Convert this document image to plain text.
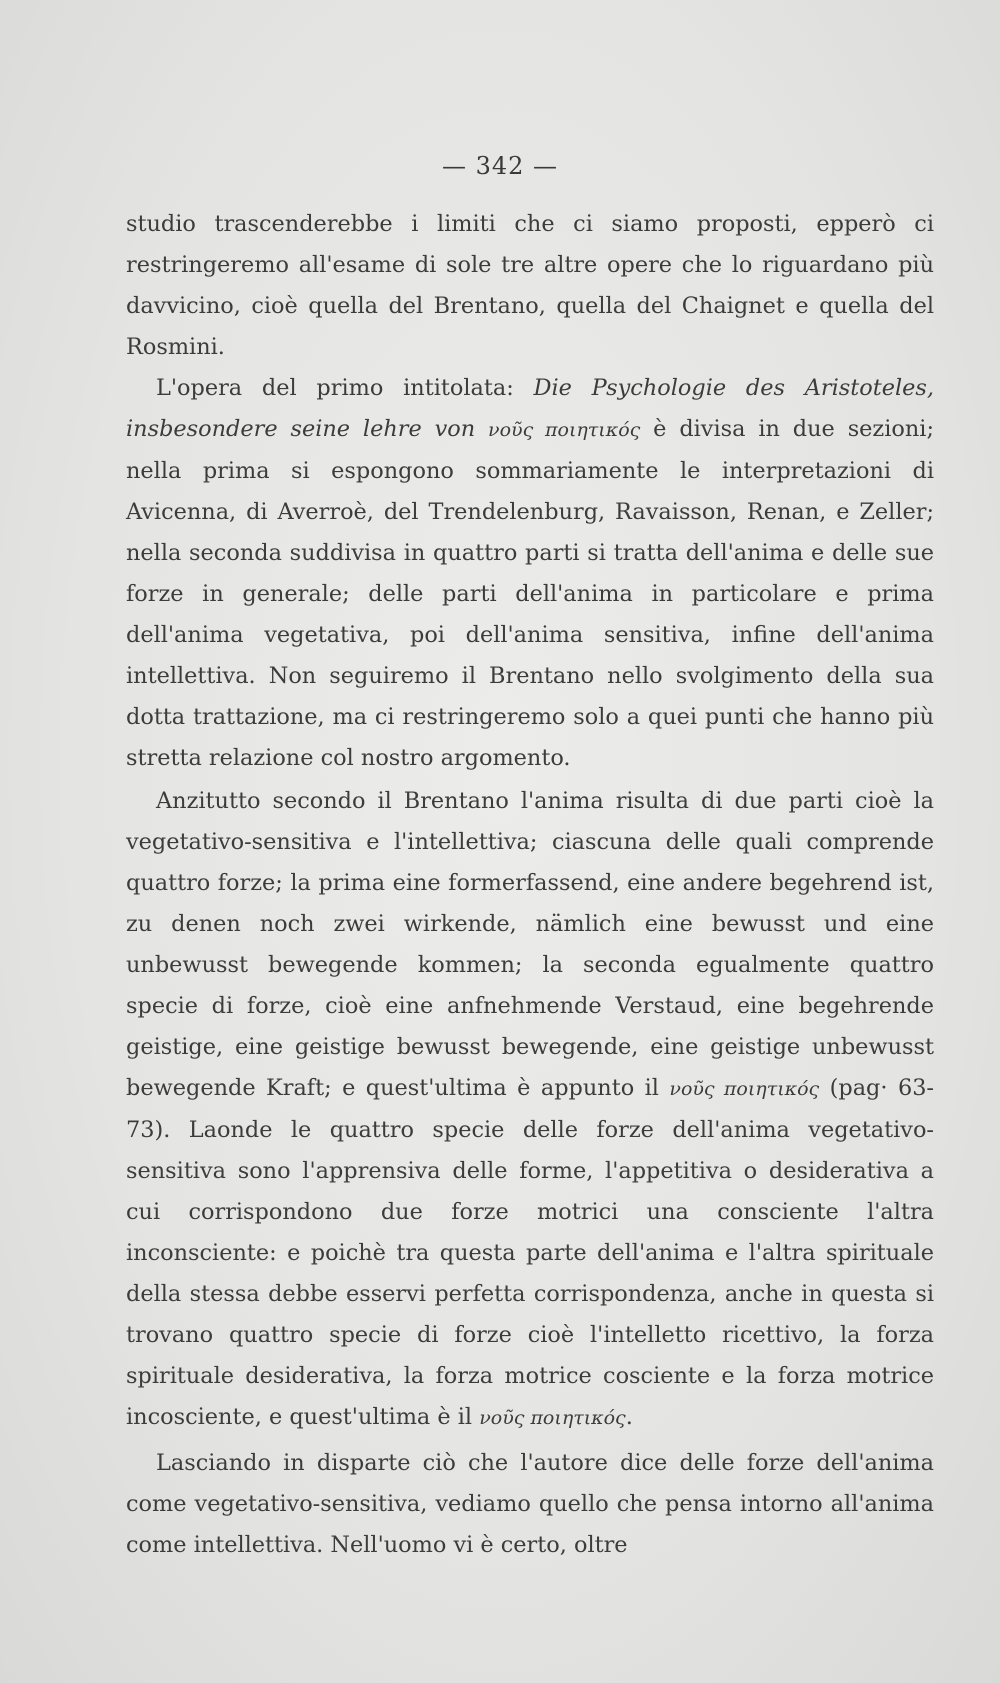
— 342 —

studio trascenderebbe i limiti che ci siamo proposti, epperò ci restringeremo all'esame di sole tre altre opere che lo riguardano più davvicino, cioè quella del Brentano, quella del Chaignet e quella del Rosmini.

L'opera del primo intitolata: Die Psychologie des Aristoteles, insbesondere seine lehre von νοῦς ποιητικός è divisa in due sezioni; nella prima si espongono sommariamente le interpretazioni di Avicenna, di Averroè, del Trendelenburg, Ravaisson, Renan, e Zeller; nella seconda suddivisa in quattro parti si tratta dell'anima e delle sue forze in generale; delle parti dell'anima in particolare e prima dell'anima vegetativa, poi dell'anima sensitiva, infine dell'anima intellettiva. Non seguiremo il Brentano nello svolgimento della sua dotta trattazione, ma ci restringeremo solo a quei punti che hanno più stretta relazione col nostro argomento.

Anzitutto secondo il Brentano l'anima risulta di due parti cioè la vegetativo-sensitiva e l'intellettiva; ciascuna delle quali comprende quattro forze; la prima eine formerfassend, eine andere begehrend ist, zu denen noch zwei wirkende, nämlich eine bewusst und eine unbewusst bewegende kommen; la seconda egualmente quattro specie di forze, cioè eine anfnehmende Verstaud, eine begehrende geistige, eine geistige bewusst bewegende, eine geistige unbewusst bewegende Kraft; e quest'ultima è appunto il νοῦς ποιητικός (pag· 63-73). Laonde le quattro specie delle forze dell'anima vegetativo-sensitiva sono l'apprensiva delle forme, l'appetitiva o desiderativa a cui corrispondono due forze motrici una consciente l'altra inconsciente: e poichè tra questa parte dell'anima e l'altra spirituale della stessa debbe esservi perfetta corrispondenza, anche in questa si trovano quattro specie di forze cioè l'intelletto ricettivo, la forza spirituale desiderativa, la forza motrice cosciente e la forza motrice incosciente, e quest'ultima è il νοῦς ποιητικός.

Lasciando in disparte ciò che l'autore dice delle forze dell'anima come vegetativo-sensitiva, vediamo quello che pensa intorno all'anima come intellettiva. Nell'uomo vi è certo, oltre
